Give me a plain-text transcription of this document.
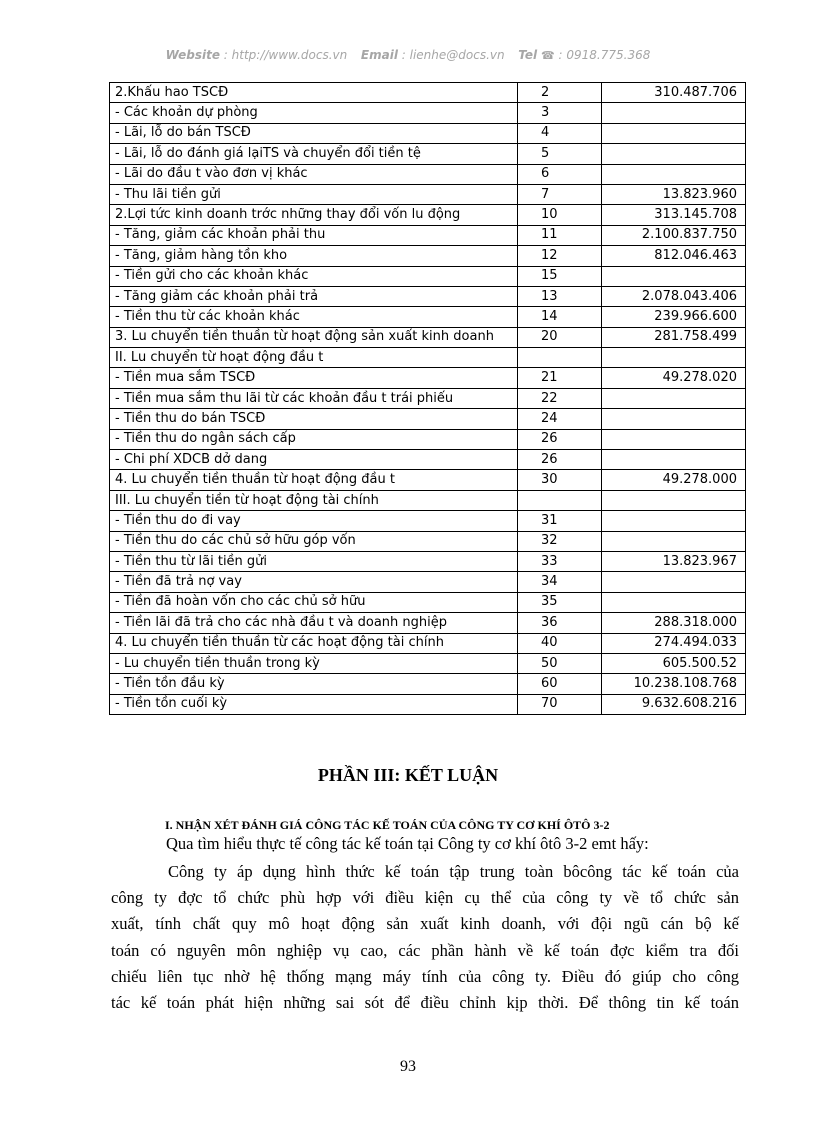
Website : http://www.docs.vn Email : lienhe@docs.vn Tel ☎ : 0918.775.368
2.Khấu hao TSCĐ	2	310.487.706
- Các khoản dự phòng	3	
- Lãi, lỗ do bán TSCĐ	4	
- Lãi, lỗ do đánh giá lạiTS và chuyển đổi tiền tệ	5	
- Lãi do đầu t vào đơn vị khác	6	
- Thu lãi tiền gửi	7	13.823.960
2.Lợi tức kinh doanh trớc những thay đổi vốn lu động	10	313.145.708
- Tăng, giảm các khoản phải thu	11	2.100.837.750
- Tăng, giảm hàng tồn kho	12	812.046.463
- Tiền gửi cho các khoản khác	15	
- Tăng giảm các khoản phải trả	13	2.078.043.406
- Tiền thu từ các khoản khác	14	239.966.600
3. Lu chuyển tiền thuần từ hoạt động sản xuất kinh doanh	20	281.758.499
II. Lu chuyển từ hoạt động đầu t		
- Tiền mua sắm TSCĐ	21	49.278.020
- Tiền mua sắm thu lãi từ các khoản đầu t trái phiếu	22	
- Tiền thu do bán TSCĐ	24	
- Tiền thu do ngân sách cấp	26	
- Chi phí XDCB dở dang	26	
4. Lu chuyển tiền thuần từ hoạt động đầu t	30	49.278.000
III. Lu chuyển tiền từ hoạt động tài chính		
- Tiền thu do đi vay	31	
- Tiền thu do các chủ sở hữu góp vốn	32	
- Tiền thu từ lãi tiền gửi	33	13.823.967
- Tiền đã trả nợ vay	34	
- Tiền đã hoàn vốn cho các chủ sở hữu	35	
- Tiền lãi đã trả cho các nhà đầu t và doanh nghiệp	36	288.318.000
4. Lu chuyển tiền thuần từ các hoạt động tài chính	40	274.494.033
- Lu chuyển tiền thuần trong kỳ	50	605.500.52
- Tiền tồn đầu kỳ	60	10.238.108.768
- Tiền tồn cuối kỳ	70	9.632.608.216
PHẦN III: KẾT LUẬN
I. NHẬN XÉT ĐÁNH GIÁ CÔNG TÁC KẾ TOÁN CỦA CÔNG TY CƠ KHÍ ÔTÔ 3-2
Qua tìm hiểu thực tế công tác kế toán tại Công ty cơ khí ôtô 3-2 emt hấy:
Công ty áp dụng hình thức kế toán tập trung toàn bôcông tác kế toán của
công ty đợc tổ chức phù hợp với điều kiện cụ thể của công ty về tổ chức sản
xuất, tính chất quy mô hoạt động sản xuất kinh doanh, với đội ngũ cán bộ kế
toán có nguyên môn nghiệp vụ cao, các phần hành về kế toán đợc kiểm tra đối
chiếu liên tục nhờ hệ thống mạng máy tính của công ty. Điều đó giúp cho công
tác kế toán phát hiện những sai sót để điều chỉnh kịp thời. Để thông tin kế toán
93
